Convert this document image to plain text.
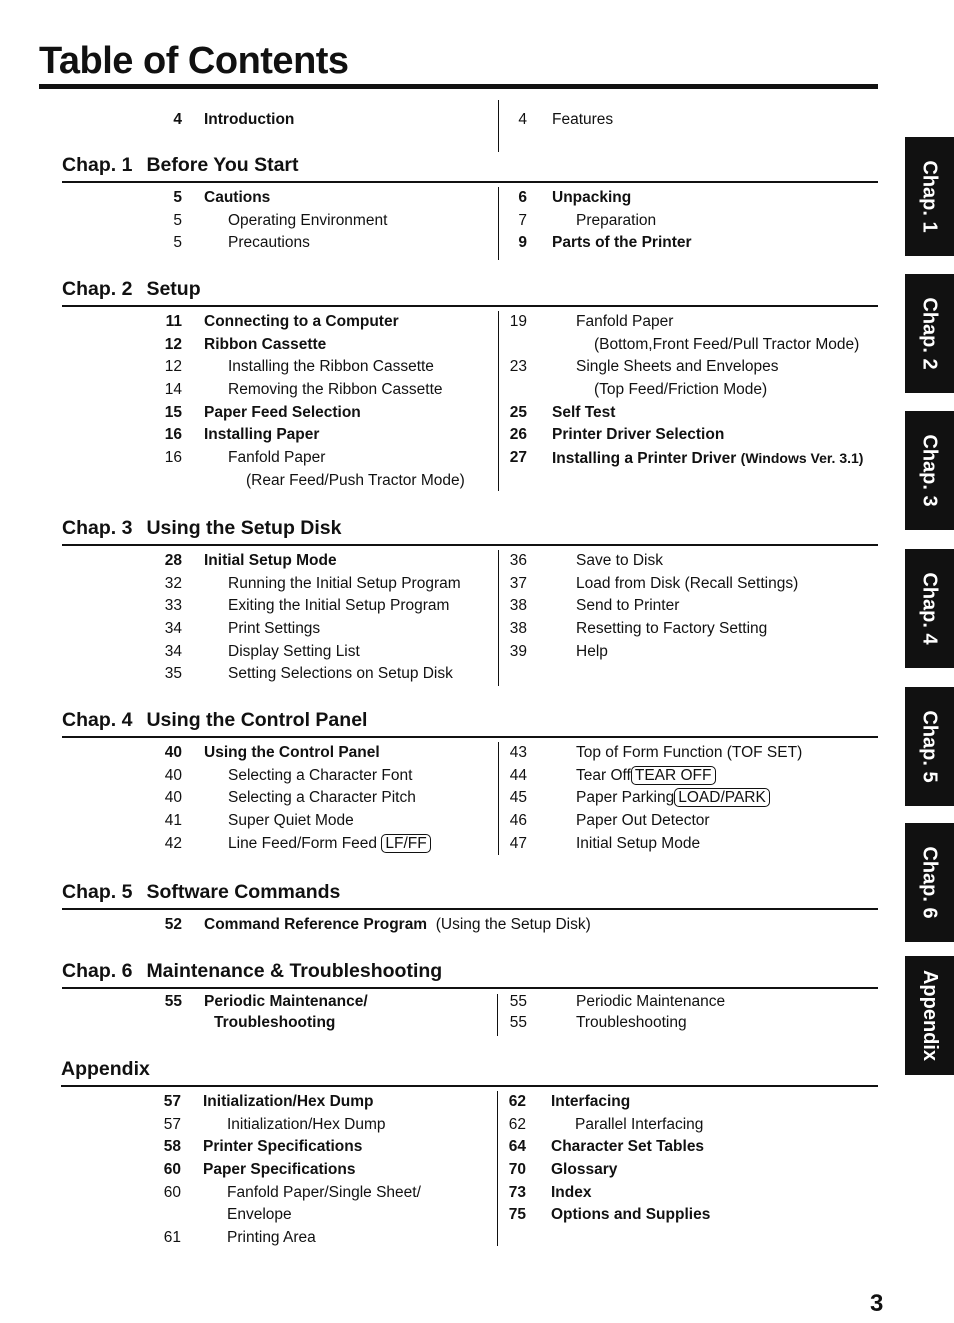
Table of Contents
4 Introduction	4 Features
Chap. 1 Before You Start
5 Cautions
5	Operating Environment
5	Precautions
6 Unpacking
7	Preparation
9 Parts of the Printer
Chap. 2 Setup
11 Connecting to a Computer
12 Ribbon Cassette
12	Installing the Ribbon Cassette
14	Removing the Ribbon Cassette
15 Paper Feed Selection
16 Installing Paper
16	Fanfold Paper
(Rear Feed/Push Tractor Mode)
19	Fanfold Paper
(Bottom,Front Feed/Pull Tractor Mode)
23	Single Sheets and Envelopes
(Top Feed/Friction Mode)
25 Self Test
26 Printer Driver Selection
27 Installing a Printer Driver (Windows Ver. 3.1)
Chap. 3 Using the Setup Disk
28 Initial Setup Mode
32	Running the Initial Setup Program
33	Exiting the Initial Setup Program
34	Print Settings
34	Display Setting List
35	Setting Selections on Setup Disk
36	Save to Disk
37	Load from Disk (Recall Settings)
38	Send to Printer
38	Resetting to Factory Setting
39	Help
Chap. 4 Using the Control Panel
40 Using the Control Panel
40	Selecting a Character Font
40	Selecting a Character Pitch
41	Super Quiet Mode
42	Line Feed/Form Feed LF/FF
43	Top of Form Function (TOF SET)
44	Tear Off TEAR OFF
45	Paper Parking LOAD/PARK
46	Paper Out Detector
47	Initial Setup Mode
Chap. 5 Software Commands
52 Command Reference Program (Using the Setup Disk)
Chap. 6 Maintenance & Troubleshooting
55 Periodic Maintenance/
Troubleshooting
55	Periodic Maintenance
55	Troubleshooting
Appendix
57 Initialization/Hex Dump
57	Initialization/Hex Dump
58 Printer Specifications
60 Paper Specifications
60	Fanfold Paper/Single Sheet/
Envelope
61	Printing Area
62 Interfacing
62	Parallel Interfacing
64 Character Set Tables
70 Glossary
73 Index
75 Options and Supplies
Chap. 1
Chap. 2
Chap. 3
Chap. 4
Chap. 5
Chap. 6
Appendix
3
